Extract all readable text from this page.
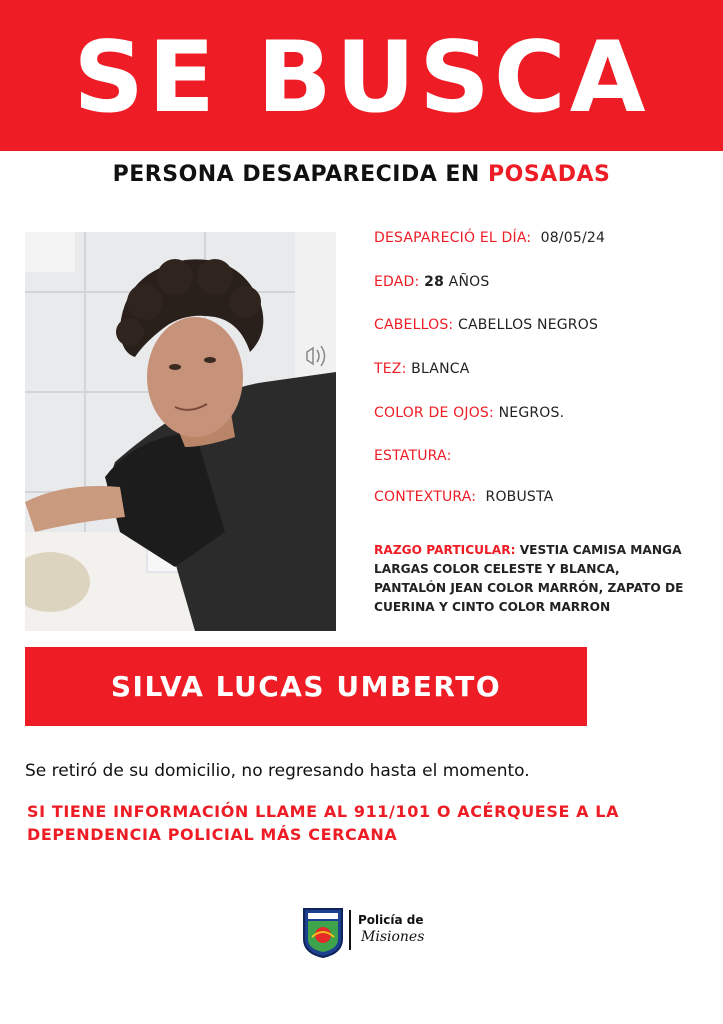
SE BUSCA
PERSONA DESAPARECIDA EN POSADAS
DESAPARECIÓ EL DÍA: 08/05/24
EDAD: 28 AÑOS
CABELLOS: CABELLOS NEGROS
TEZ: BLANCA
COLOR DE OJOS: NEGROS.
ESTATURA:
CONTEXTURA: ROBUSTA
RAZGO PARTICULAR: VESTIA CAMISA MANGA LARGAS COLOR CELESTE Y BLANCA, PANTALÓN JEAN COLOR MARRÓN, ZAPATO DE CUERINA Y CINTO COLOR MARRON
SILVA LUCAS UMBERTO
Se retiró de su domicilio, no regresando hasta el momento.
SI TIENE INFORMACIÓN LLAME AL 911/101 O ACÉRQUESE A LA DEPENDENCIA POLICIAL MÁS CERCANA
Policía de
Misiones
